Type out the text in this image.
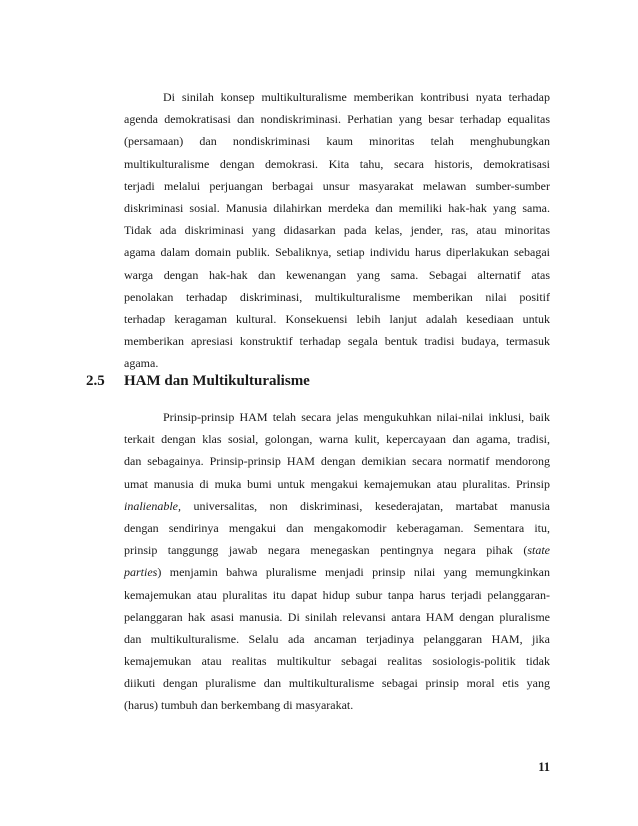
Di sinilah konsep multikulturalisme memberikan kontribusi nyata terhadap
agenda demokratisasi dan nondiskriminasi. Perhatian yang besar terhadap equalitas
(persamaan) dan nondiskriminasi kaum minoritas telah menghubungkan
multikulturalisme dengan demokrasi. Kita tahu, secara historis, demokratisasi
terjadi melalui perjuangan berbagai unsur masyarakat melawan sumber-sumber
diskriminasi sosial. Manusia dilahirkan merdeka dan memiliki hak-hak yang sama.
Tidak ada diskriminasi yang didasarkan pada kelas, jender, ras, atau minoritas
agama dalam domain publik. Sebaliknya, setiap individu harus diperlakukan sebagai
warga dengan hak-hak dan kewenangan yang sama. Sebagai alternatif atas
penolakan terhadap diskriminasi, multikulturalisme memberikan nilai positif
terhadap keragaman kultural. Konsekuensi lebih lanjut adalah kesediaan untuk
memberikan apresiasi konstruktif terhadap segala bentuk tradisi budaya, termasuk
agama.

2.5 HAM dan Multikulturalisme

Prinsip-prinsip HAM telah secara jelas mengukuhkan nilai-nilai inklusi, baik
terkait dengan klas sosial, golongan, warna kulit, kepercayaan dan agama, tradisi,
dan sebagainya. Prinsip-prinsip HAM dengan demikian secara normatif mendorong
umat manusia di muka bumi untuk mengakui kemajemukan atau pluralitas. Prinsip
inalienable, universalitas, non diskriminasi, kesederajatan, martabat manusia
dengan sendirinya mengakui dan mengakomodir keberagaman. Sementara itu,
prinsip tanggungg jawab negara menegaskan pentingnya negara pihak (state
parties) menjamin bahwa pluralisme menjadi prinsip nilai yang memungkinkan
kemajemukan atau pluralitas itu dapat hidup subur tanpa harus terjadi pelanggaran-
pelanggaran hak asasi manusia. Di sinilah relevansi antara HAM dengan pluralisme
dan multikulturalisme. Selalu ada ancaman terjadinya pelanggaran HAM, jika
kemajemukan atau realitas multikultur sebagai realitas sosiologis-politik tidak
diikuti dengan pluralisme dan multikulturalisme sebagai prinsip moral etis yang
(harus) tumbuh dan berkembang di masyarakat.

11
